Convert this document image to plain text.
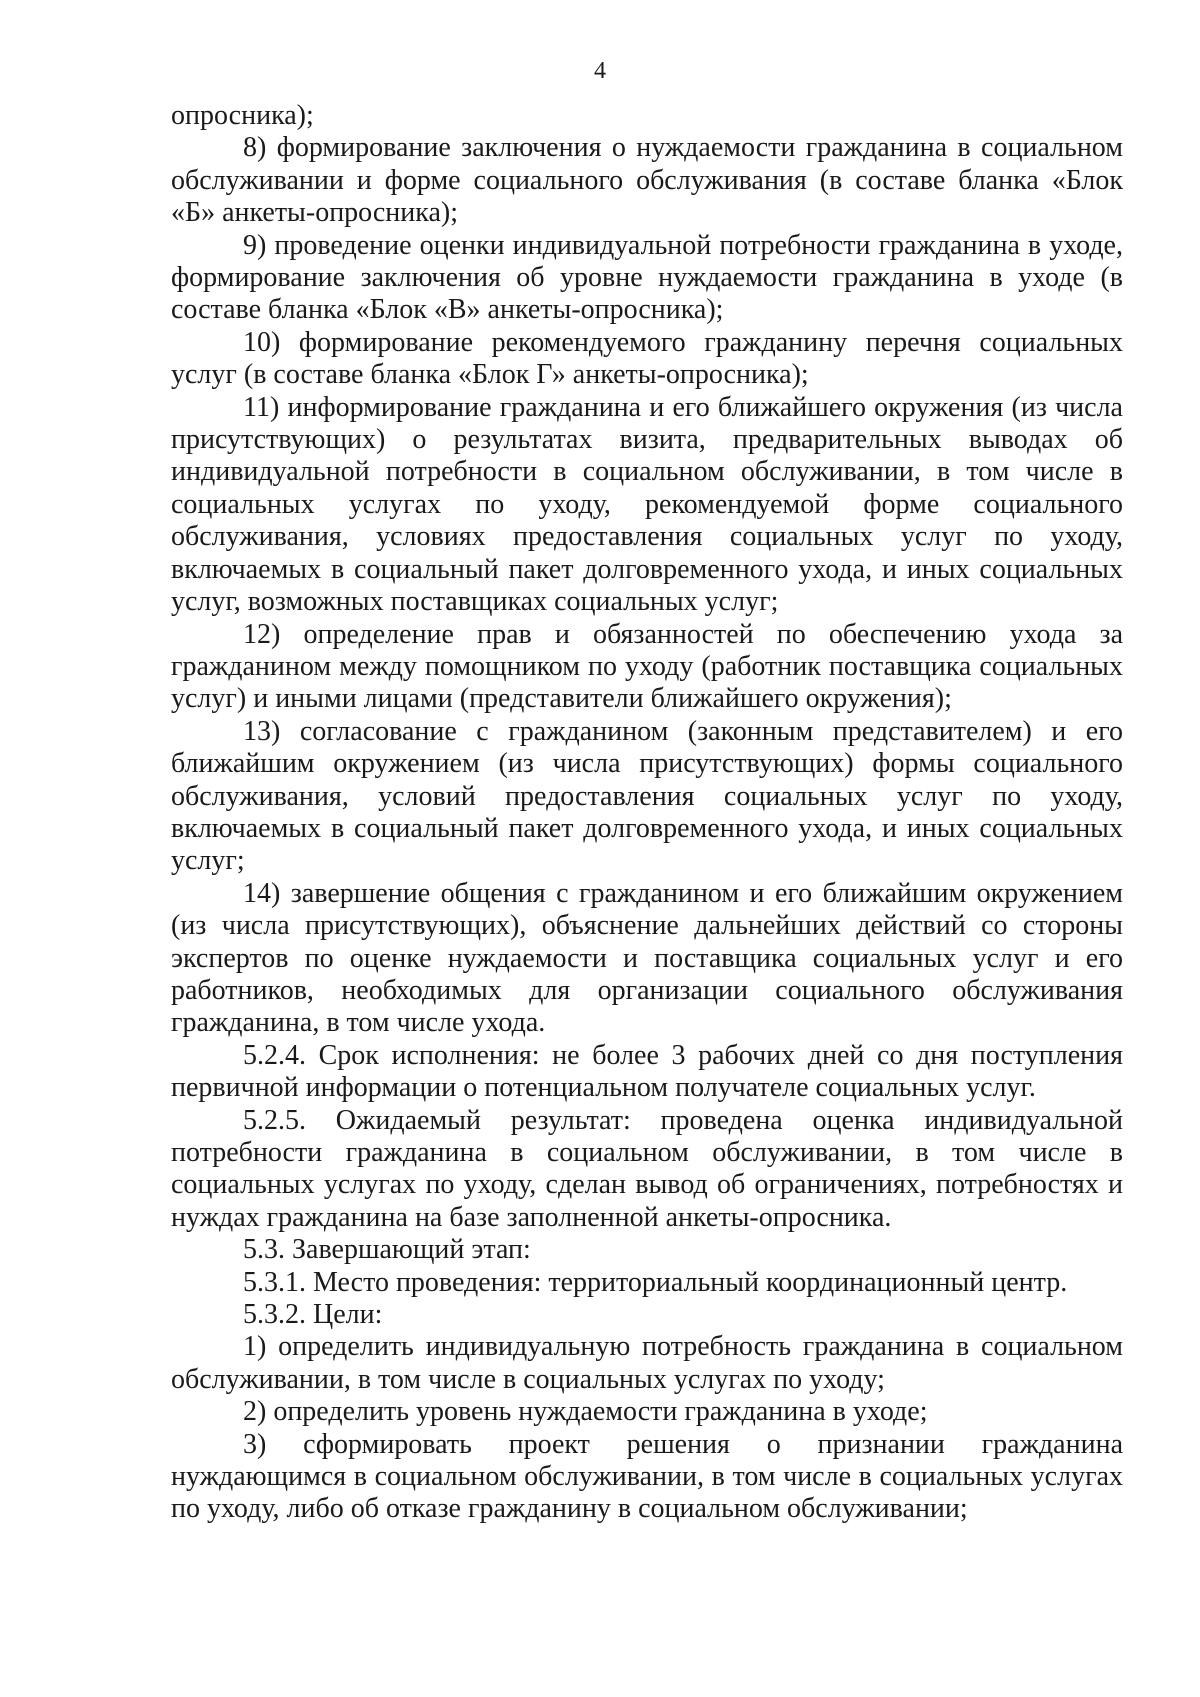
4

опросника);

8) формирование заключения о нуждаемости гражданина в социальном обслуживании и форме социального обслуживания (в составе бланка «Блок «Б» анкеты-опросника);

9) проведение оценки индивидуальной потребности гражданина в уходе, формирование заключения об уровне нуждаемости гражданина в уходе (в составе бланка «Блок «В» анкеты-опросника);

10) формирование рекомендуемого гражданину перечня социальных услуг (в составе бланка «Блок Г» анкеты-опросника);

11) информирование гражданина и его ближайшего окружения (из числа присутствующих) о результатах визита, предварительных выводах об индивидуальной потребности в социальном обслуживании, в том числе в социальных услугах по уходу, рекомендуемой форме социального обслуживания, условиях предоставления социальных услуг по уходу, включаемых в социальный пакет долговременного ухода, и иных социальных услуг, возможных поставщиках социальных услуг;

12) определение прав и обязанностей по обеспечению ухода за гражданином между помощником по уходу (работник поставщика социальных услуг) и иными лицами (представители ближайшего окружения);

13) согласование с гражданином (законным представителем) и его ближайшим окружением (из числа присутствующих) формы социального обслуживания, условий предоставления социальных услуг по уходу, включаемых в социальный пакет долговременного ухода, и иных социальных услуг;

14) завершение общения с гражданином и его ближайшим окружением (из числа присутствующих), объяснение дальнейших действий со стороны экспертов по оценке нуждаемости и поставщика социальных услуг и его работников, необходимых для организации социального обслуживания гражданина, в том числе ухода.

5.2.4. Срок исполнения: не более 3 рабочих дней со дня поступления первичной информации о потенциальном получателе социальных услуг.

5.2.5. Ожидаемый результат: проведена оценка индивидуальной потребности гражданина в социальном обслуживании, в том числе в социальных услугах по уходу, сделан вывод об ограничениях, потребностях и нуждах гражданина на базе заполненной анкеты-опросника.

5.3. Завершающий этап:

5.3.1. Место проведения: территориальный координационный центр.

5.3.2. Цели:

1) определить индивидуальную потребность гражданина в социальном обслуживании, в том числе в социальных услугах по уходу;

2) определить уровень нуждаемости гражданина в уходе;

3) сформировать проект решения о признании гражданина нуждающимся в социальном обслуживании, в том числе в социальных услугах по уходу, либо об отказе гражданину в социальном обслуживании;
